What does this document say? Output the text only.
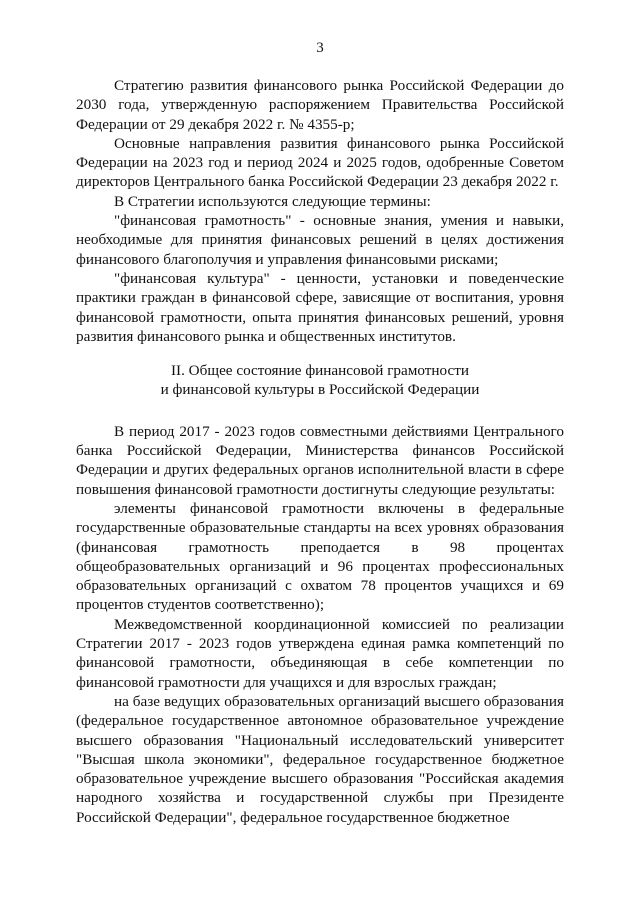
3

Стратегию развития финансового рынка Российской Федерации до 2030 года, утвержденную распоряжением Правительства Российской Федерации от 29 декабря 2022 г. № 4355-р;

Основные направления развития финансового рынка Российской Федерации на 2023 год и период 2024 и 2025 годов, одобренные Советом директоров Центрального банка Российской Федерации 23 декабря 2022 г.

В Стратегии используются следующие термины:

"финансовая грамотность" - основные знания, умения и навыки, необходимые для принятия финансовых решений в целях достижения финансового благополучия и управления финансовыми рисками;

"финансовая культура" - ценности, установки и поведенческие практики граждан в финансовой сфере, зависящие от воспитания, уровня финансовой грамотности, опыта принятия финансовых решений, уровня развития финансового рынка и общественных институтов.

II. Общее состояние финансовой грамотности
и финансовой культуры в Российской Федерации

В период 2017 - 2023 годов совместными действиями Центрального банка Российской Федерации, Министерства финансов Российской Федерации и других федеральных органов исполнительной власти в сфере повышения финансовой грамотности достигнуты следующие результаты:

элементы финансовой грамотности включены в федеральные государственные образовательные стандарты на всех уровнях образования (финансовая грамотность преподается в 98 процентах общеобразовательных организаций и 96 процентах профессиональных образовательных организаций с охватом 78 процентов учащихся и 69 процентов студентов соответственно);

Межведомственной координационной комиссией по реализации Стратегии 2017 - 2023 годов утверждена единая рамка компетенций по финансовой грамотности, объединяющая в себе компетенции по финансовой грамотности для учащихся и для взрослых граждан;

на базе ведущих образовательных организаций высшего образования (федеральное государственное автономное образовательное учреждение высшего образования "Национальный исследовательский университет "Высшая школа экономики", федеральное государственное бюджетное образовательное учреждение высшего образования "Российская академия народного хозяйства и государственной службы при Президенте Российской Федерации", федеральное государственное бюджетное
